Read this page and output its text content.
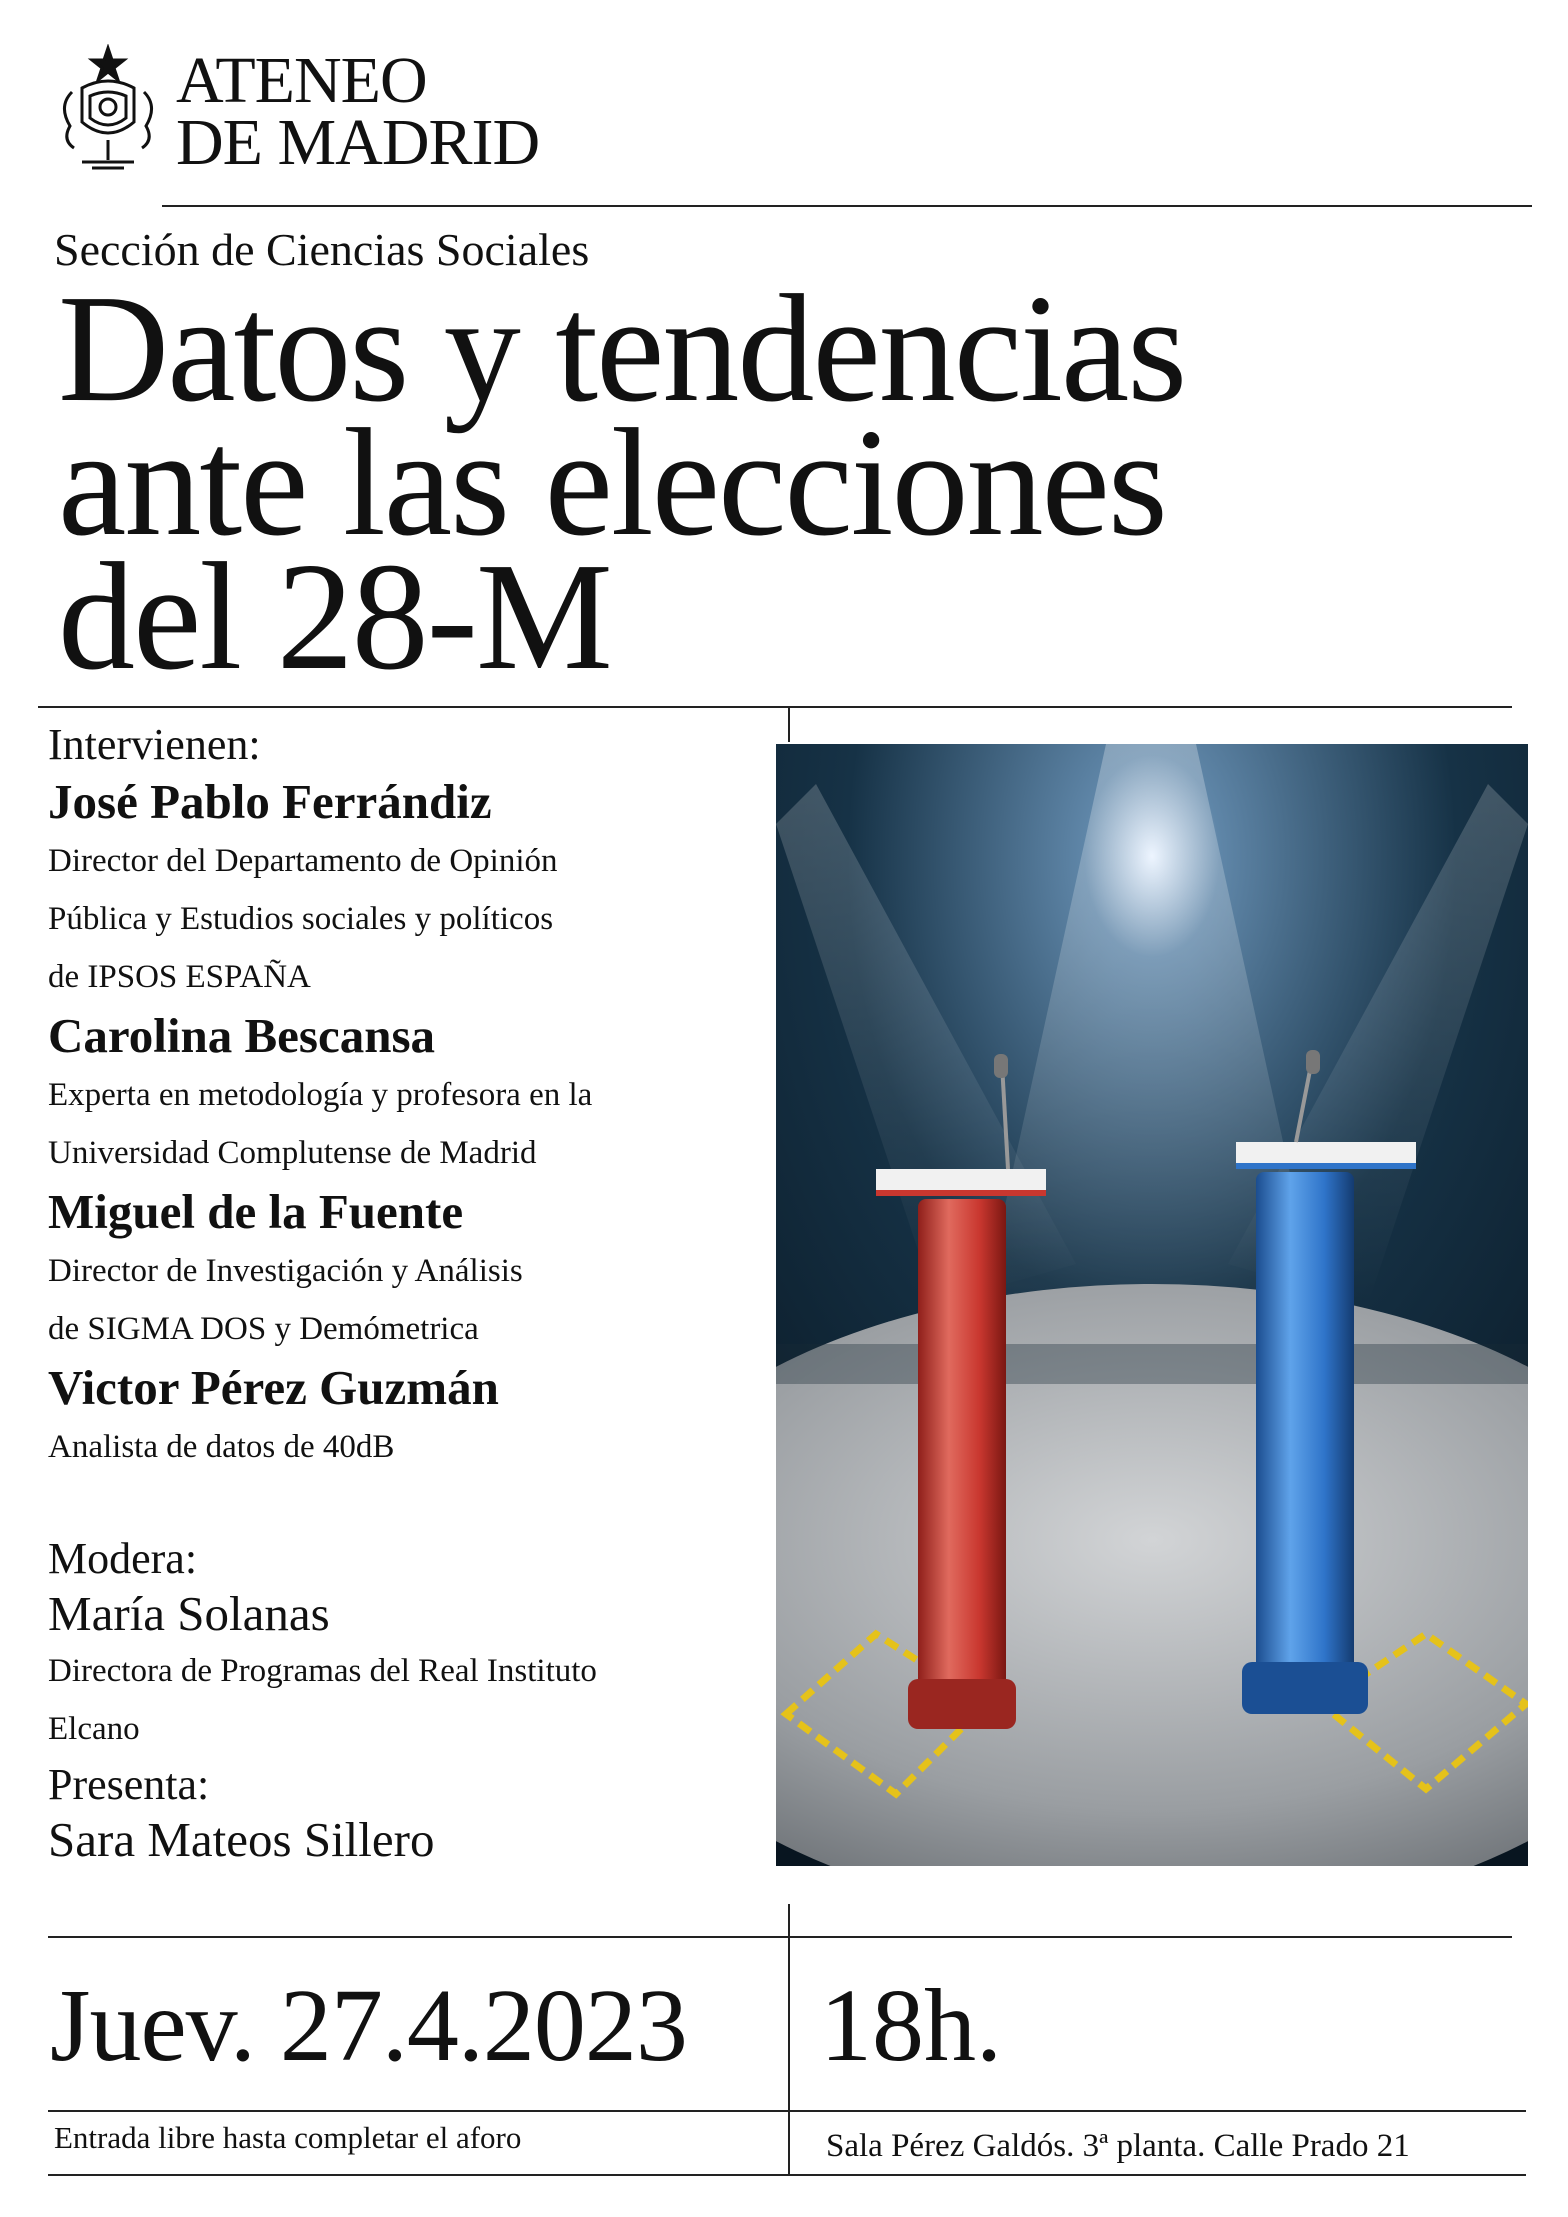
ATENEO
DE MADRID
Sección de Ciencias Sociales
Datos y tendencias
ante las elecciones
del 28-M
Intervienen:
José Pablo Ferrándiz
Director del Departamento de Opinión
Pública y Estudios sociales y políticos
de IPSOS ESPAÑA
Carolina Bescansa
Experta en metodología y profesora en la
Universidad Complutense de Madrid
Miguel de la Fuente
Director de Investigación y Análisis
de SIGMA DOS y Demómetrica
Victor Pérez Guzmán
Analista de datos de 40dB
Modera:
María Solanas
Directora de Programas del Real Instituto
Elcano
Presenta:
Sara Mateos Sillero
Juev. 27.4.2023 18h.
Entrada libre hasta completar el aforo	Sala Pérez Galdós. 3ª planta. Calle Prado 21
